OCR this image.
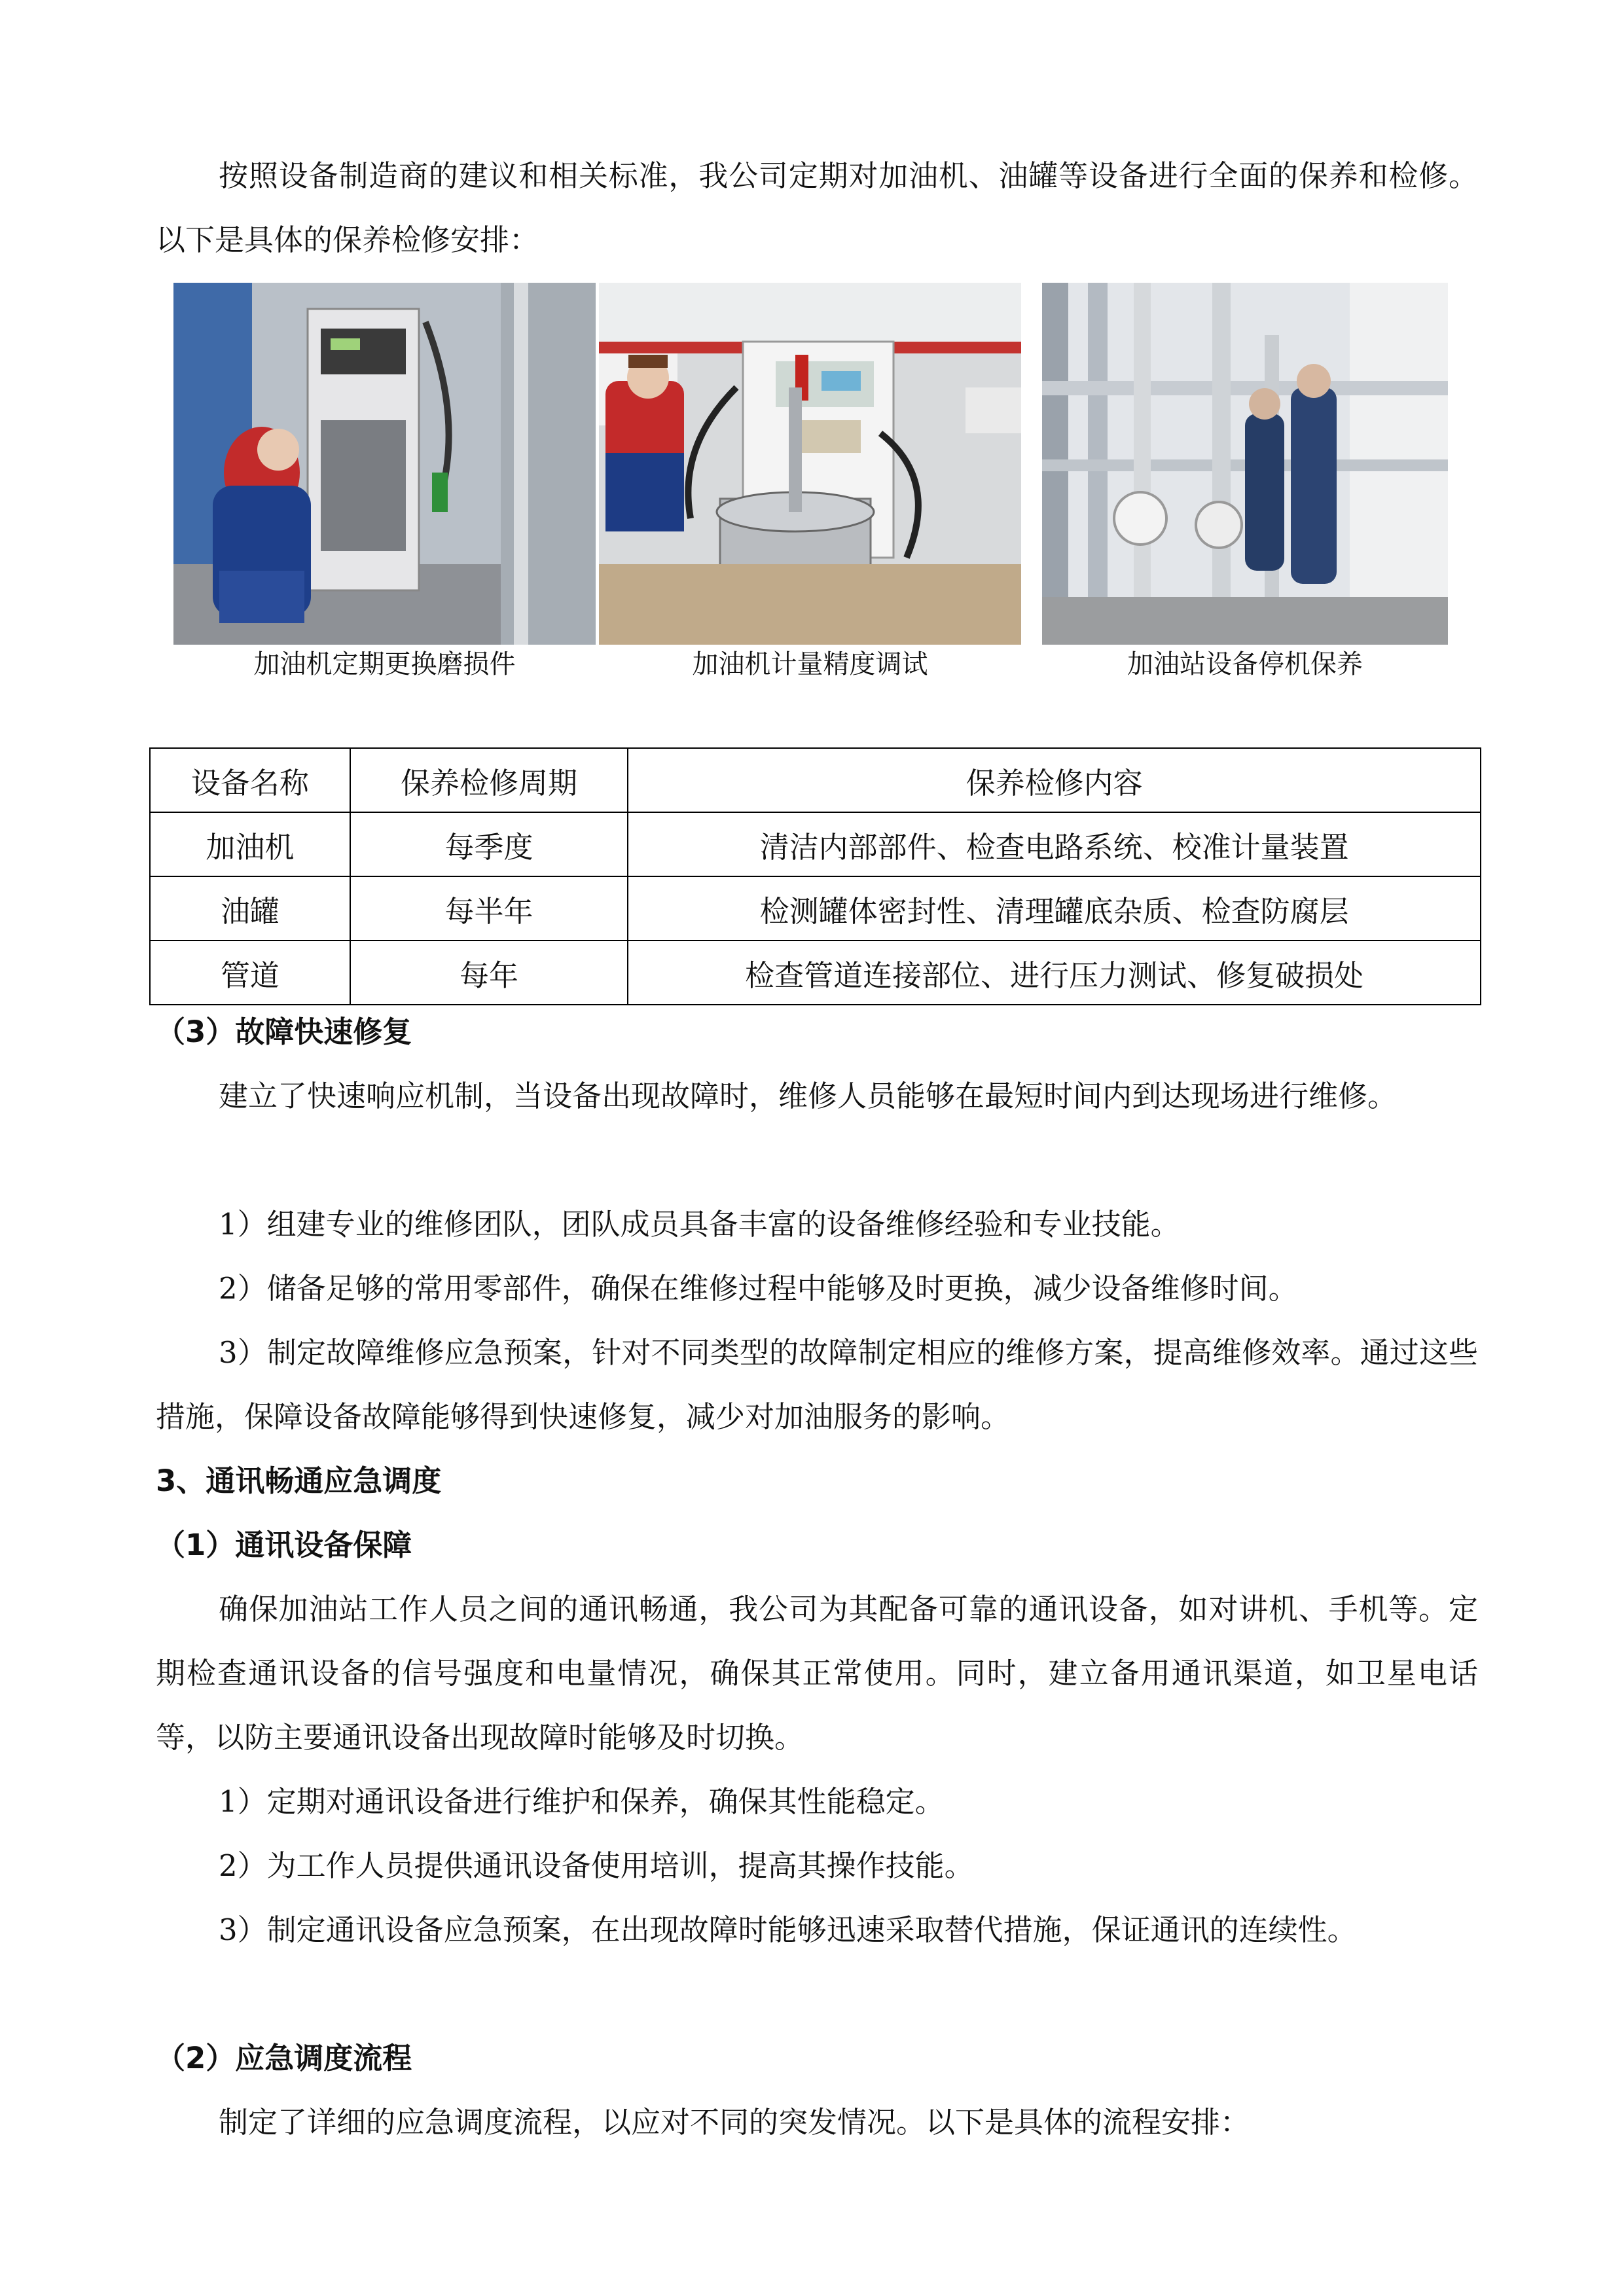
按照设备制造商的建议和相关标准，我公司定期对加油机、油罐等设备进行全面的保养和检修。以下是具体的保养检修安排：

加油机定期更换磨损件	加油机计量精度调试	加油站设备停机保养
设备名称	保养检修周期	保养检修内容
加油机	每季度	清洁内部部件、检查电路系统、校准计量装置
油罐	每半年	检测罐体密封性、清理罐底杂质、检查防腐层
管道	每年	检查管道连接部位、进行压力测试、修复破损处
（3）故障快速修复

建立了快速响应机制，当设备出现故障时，维修人员能够在最短时间内到达现场进行维修。

1）组建专业的维修团队，团队成员具备丰富的设备维修经验和专业技能。

2）储备足够的常用零部件，确保在维修过程中能够及时更换，减少设备维修时间。

3）制定故障维修应急预案，针对不同类型的故障制定相应的维修方案，提高维修效率。通过这些措施，保障设备故障能够得到快速修复，减少对加油服务的影响。

3、通讯畅通应急调度
（1）通讯设备保障

确保加油站工作人员之间的通讯畅通，我公司为其配备可靠的通讯设备，如对讲机、手机等。定期检查通讯设备的信号强度和电量情况，确保其正常使用。同时，建立备用通讯渠道，如卫星电话等，以防主要通讯设备出现故障时能够及时切换。

1）定期对通讯设备进行维护和保养，确保其性能稳定。

2）为工作人员提供通讯设备使用培训，提高其操作技能。

3）制定通讯设备应急预案，在出现故障时能够迅速采取替代措施，保证通讯的连续性。

（2）应急调度流程

制定了详细的应急调度流程，以应对不同的突发情况。以下是具体的流程安排：
